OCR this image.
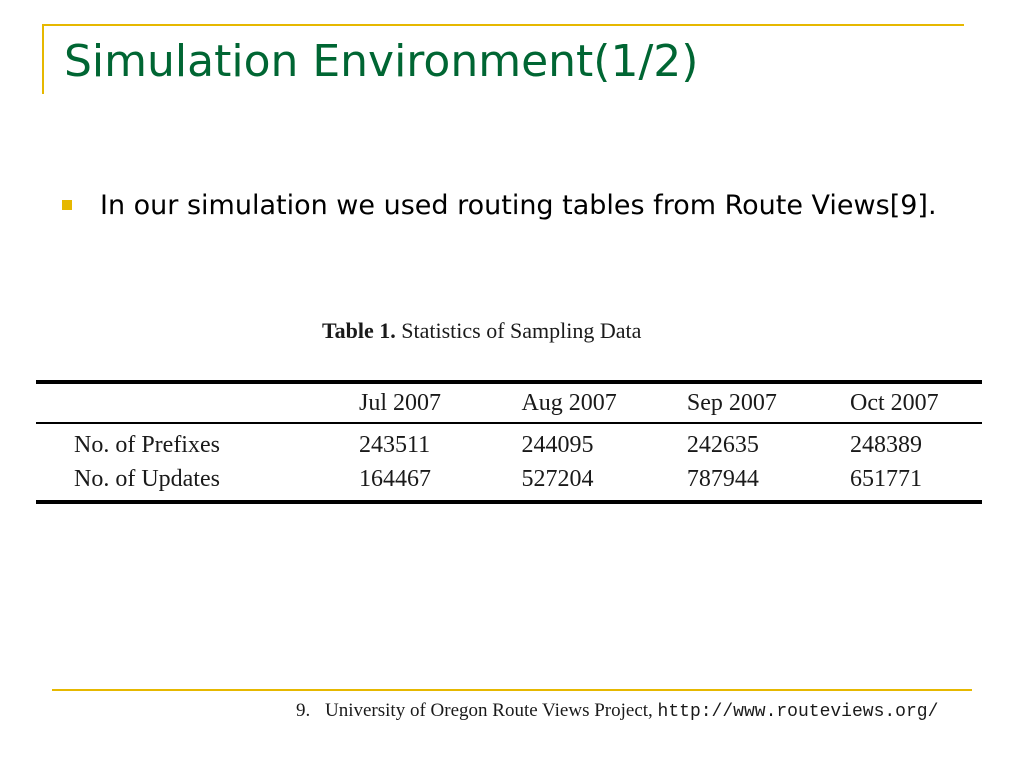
Simulation Environment(1/2)
In our simulation we used routing tables from Route Views[9].
Table 1. Statistics of Sampling Data
	Jul 2007	Aug 2007	Sep 2007	Oct 2007
No. of Prefixes	243511	244095	242635	248389
No. of Updates	164467	527204	787944	651771
9. University of Oregon Route Views Project, http://www.routeviews.org/
